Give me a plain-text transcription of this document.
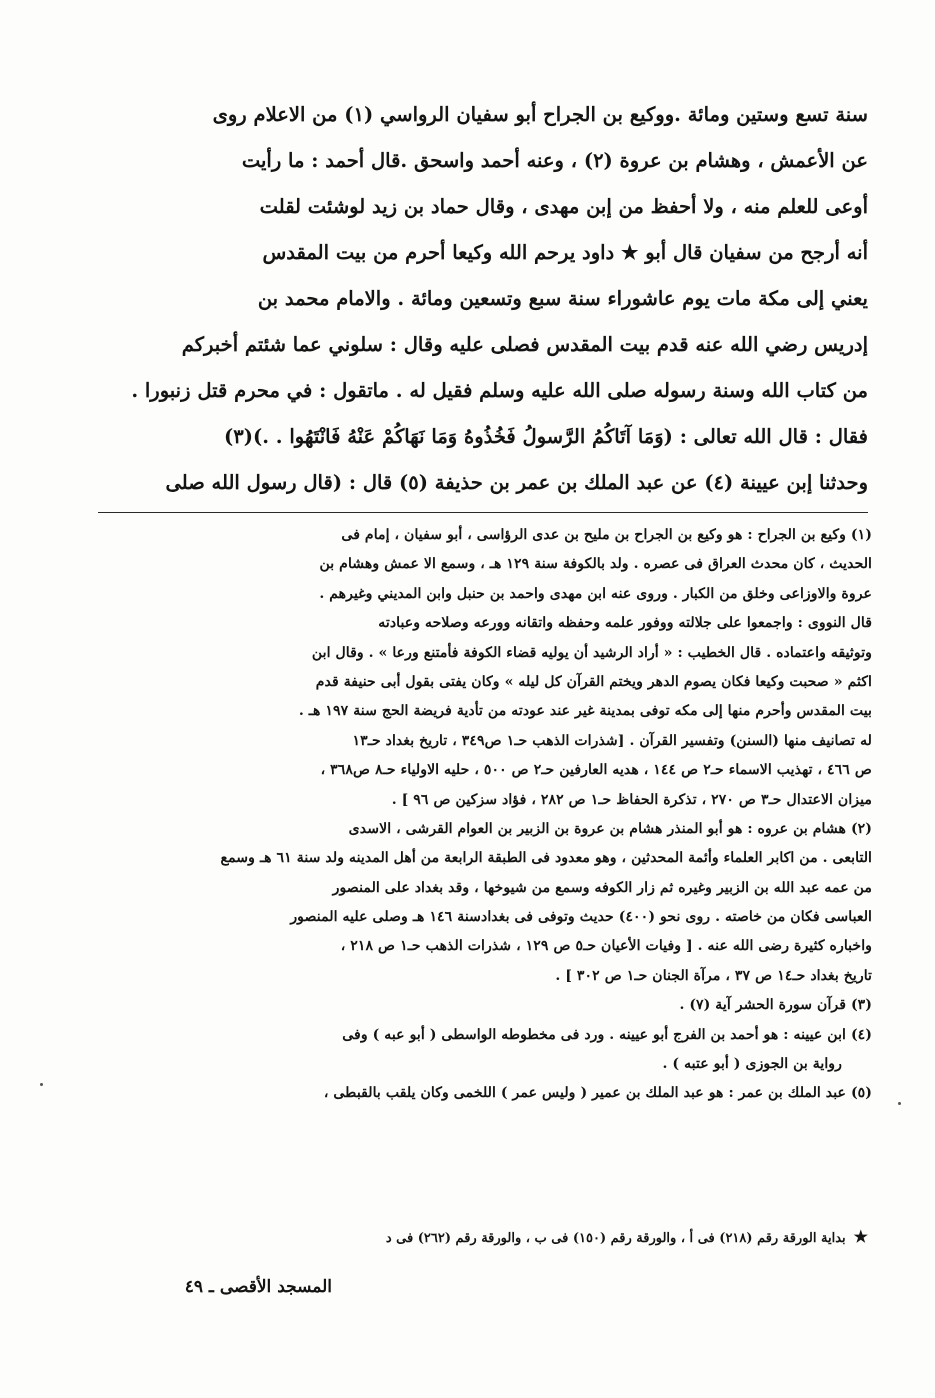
سنة تسع وستين ومائة .ووكيع بن الجراح أبو سفيان الرواسي (١) من الاعلام روى
عن الأعمش ، وهشام بن عروة (٢) ، وعنه أحمد واسحق .قال أحمد : ما رأيت
أوعى للعلم منه ، ولا أحفظ من إبن مهدى ، وقال حماد بن زيد لوشئت لقلت
أنه أرجح من سفيان قال أبو ★ داود يرحم الله وكيعا أحرم من بيت المقدس
يعني إلى مكة مات يوم عاشوراء سنة سبع وتسعين ومائة . والامام محمد بن
إدريس رضي الله عنه قدم بيت المقدس فصلى عليه وقال : سلوني عما شئتم أخبركم
من كتاب الله وسنة رسوله صلى الله عليه وسلم فقيل له . ماتقول : في محرم قتل زنبورا .
فقال : قال الله تعالى : (وَمَا آتَاكُمُ الرَّسولُ فَخُذُوهُ وَمَا نَهَاكُمْ عَنْهُ فَانْتَهُوا . .)(٣)
وحدثنا إبن عيينة (٤) عن عبد الملك بن عمر بن حذيفة (٥) قال : (قال رسول الله صلى
(١) وكيع بن الجراح : هو وكيع بن الجراح بن مليح بن عدى الرؤاسى ، أبو سفيان ، إمام فى
الحديث ، كان محدث العراق فى عصره . ولد بالكوفة سنة ١٢٩ هـ ، وسمع الا عمش وهشام بن
عروة والاوزاعى وخلق من الكبار . وروى عنه ابن مهدى واحمد بن حنبل وابن المديني وغيرهم .
قال النووى : واجمعوا على جلالته ووفور علمه وحفظه واتقانه وورعه وصلاحه وعبادته
وتوثيقه واعتماده . قال الخطيب : « أراد الرشيد أن يوليه قضاء الكوفة فأمتنع ورعا » . وقال ابن
اكثم « صحبت وكيعا فكان يصوم الدهر ويختم القرآن كل ليله » وكان يفتى بقول أبى حنيفة قدم
بيت المقدس وأحرم منها إلى مكه توفى بمدينة غير عند عودته من تأدية فريضة الحج سنة ١٩٧ هـ .
له تصانيف منها (السنن) وتفسير القرآن . [شذرات الذهب حـ١ ص٣٤٩ ، تاريخ بغداد حـ١٣
ص ٤٦٦ ، تهذيب الاسماء حـ٢ ص ١٤٤ ، هديه العارفين حـ٢ ص ٥٠٠ ، حليه الاولياء حـ٨ ص٣٦٨ ،
ميزان الاعتدال حـ٣ ص ٢٧٠ ، تذكرة الحفاظ حـ١ ص ٢٨٢ ، فؤاد سزكين ص ٩٦ ] .
(٢) هشام بن عروه : هو أبو المنذر هشام بن عروة بن الزبير بن العوام القرشى ، الاسدى
التابعى . من اكابر العلماء وأئمة المحدثين ، وهو معدود فى الطبقة الرابعة من أهل المدينه ولد سنة ٦١ هـ وسمع
من عمه عبد الله بن الزبير وغيره ثم زار الكوفه وسمع من شيوخها ، وقد بغداد على المنصور
العباسى فكان من خاصته . روى نحو (٤٠٠) حديث وتوفى فى بغدادسنة ١٤٦ هـ وصلى عليه المنصور
واخباره كثيرة رضى الله عنه . [ وفيات الأعيان حـ٥ ص ١٢٩ ، شذرات الذهب حـ١ ص ٢١٨ ،
تاريخ بغداد حـ١٤ ص ٣٧ ، مرآة الجنان حـ١ ص ٣٠٢ ] .
(٣) قرآن سورة الحشر آية (٧) .
(٤) ابن عيينه : هو أحمد بن الفرج أبو عيينه . ورد فى مخطوطه الواسطى ( أبو عبه ) وفى
رواية بن الجوزى ( أبو عتبه ) .
(٥) عبد الملك بن عمر : هو عبد الملك بن عمير ( وليس عمر ) اللخمى وكان يلقب بالقبطى ،
★بداية الورقة رقم (٢١٨) فى أ ، والورقة رقم (١٥٠) فى ب ، والورقة رقم (٢٦٢) فى د
المسجد الأقصى ـ ٤٩
